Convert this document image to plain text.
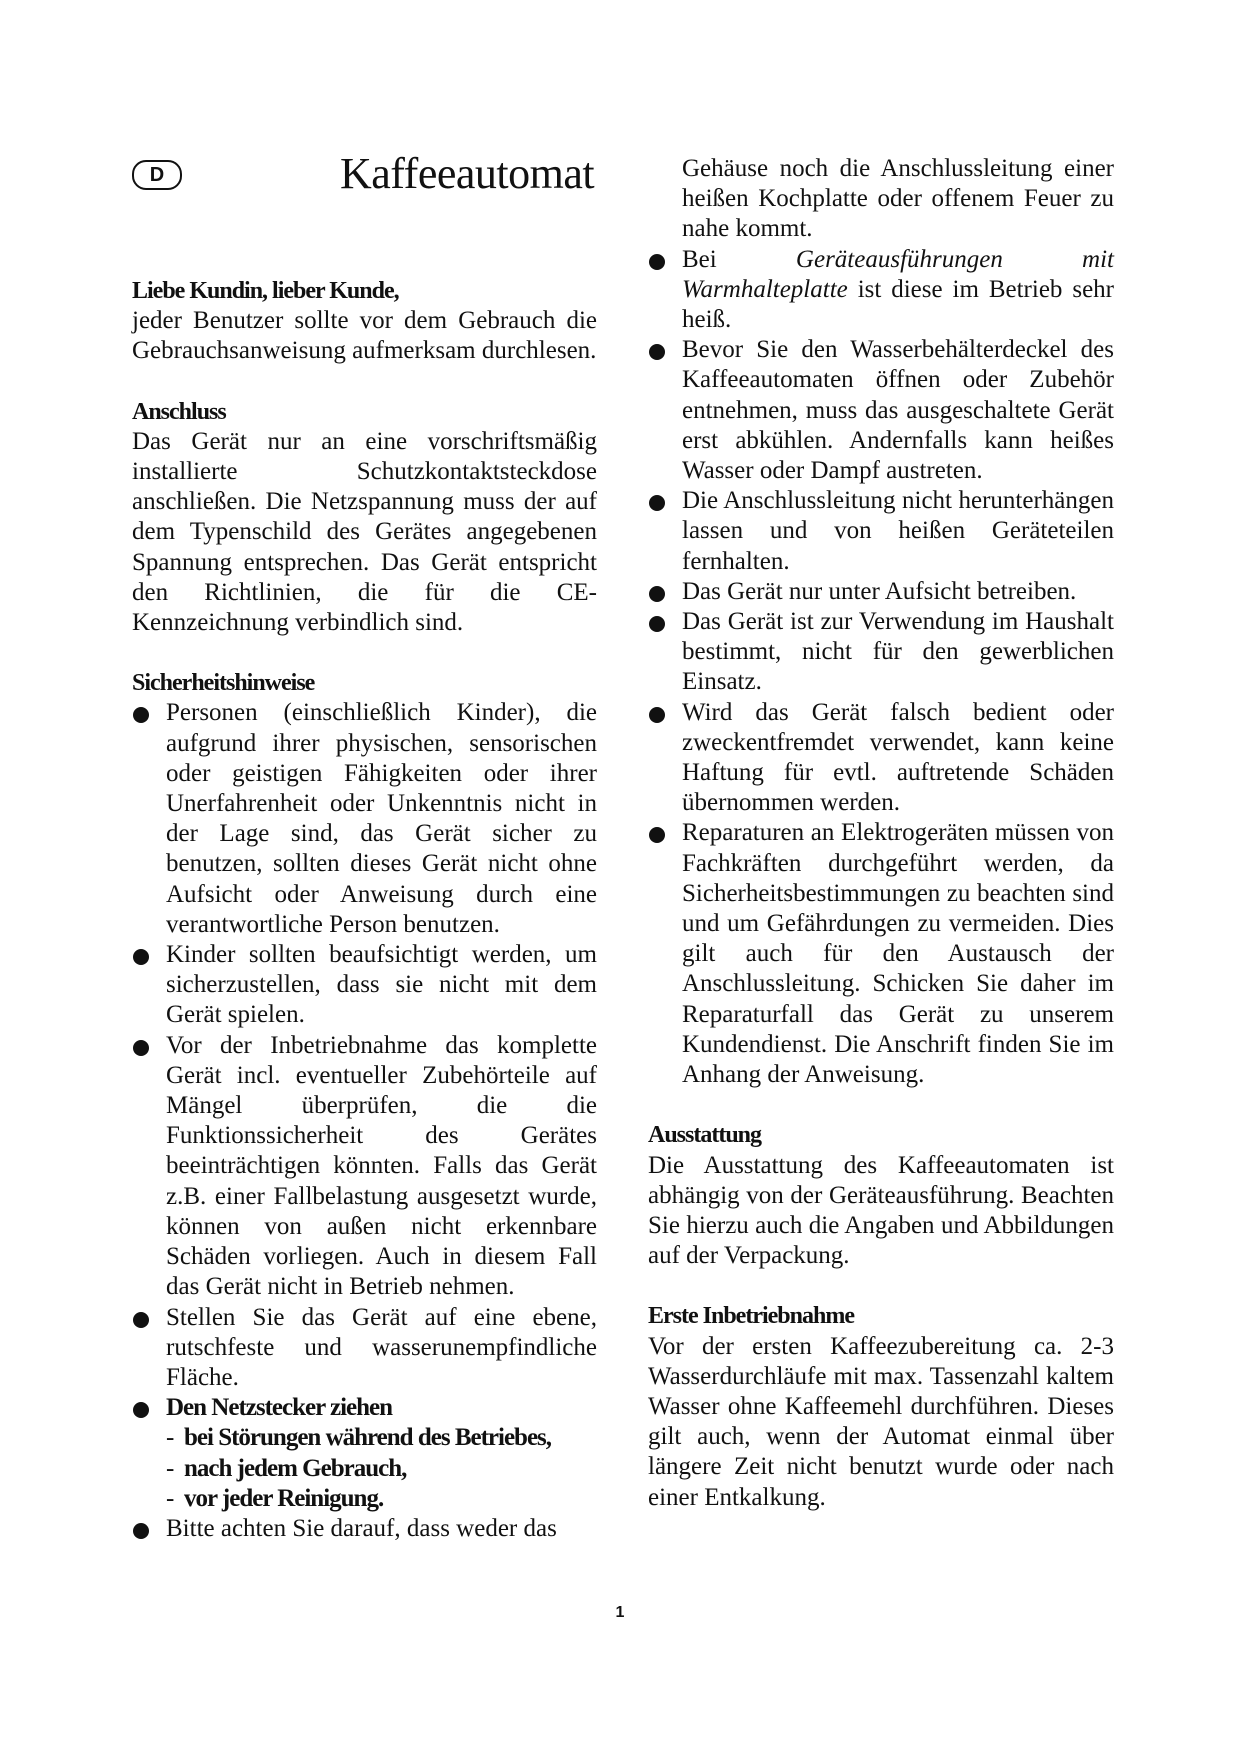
D	Kaffeeautomat
Liebe Kundin, lieber Kunde,

jeder Benutzer sollte vor dem Gebrauch die Gebrauchsanweisung aufmerksam durchlesen.

Anschluss

Das Gerät nur an eine vorschriftsmäßig installierte Schutzkontaktsteckdose anschließen. Die Netzspannung muss der auf dem Typenschild des Gerätes angegebenen Spannung entsprechen. Das Gerät entspricht den Richtlinien, die für die CE-Kennzeichnung verbindlich sind.

Sicherheitshinweise
Personen (einschließlich Kinder), die aufgrund ihrer physischen, sensorischen oder geistigen Fähigkeiten oder ihrer Unerfahrenheit oder Unkenntnis nicht in der Lage sind, das Gerät sicher zu benutzen, sollten dieses Gerät nicht ohne Aufsicht oder Anweisung durch eine verantwortliche Person benutzen.
Kinder sollten beaufsichtigt werden, um sicherzustellen, dass sie nicht mit dem Gerät spielen.
Vor der Inbetriebnahme das komplette Gerät incl. eventueller Zubehörteile auf Mängel überprüfen, die die Funktionssicherheit des Gerätes beeinträchtigen könnten. Falls das Gerät z.B. einer Fallbelastung ausgesetzt wurde, können von außen nicht erkennbare Schäden vorliegen. Auch in diesem Fall das Gerät nicht in Betrieb nehmen.
Stellen Sie das Gerät auf eine ebene, rutschfeste und wasserunempfindliche Fläche.
Den Netzstecker ziehen
- bei Störungen während des Betriebes,
- nach jedem Gebrauch,
- vor jeder Reinigung.
Bitte achten Sie darauf, dass weder das

Gehäuse noch die Anschlussleitung einer heißen Kochplatte oder offenem Feuer zu nahe kommt.

Bei	Geräteausführungen mit Warmhalteplatte ist diese im Betrieb sehr heiß.
Bevor Sie den Wasserbehälterdeckel des Kaffeeautomaten öffnen oder Zubehör entnehmen, muss das ausgeschaltete Gerät erst abkühlen. Andernfalls kann heißes Wasser oder Dampf austreten.
Die Anschlussleitung nicht herunterhängen lassen und von heißen Geräteteilen fernhalten.
Das Gerät nur unter Aufsicht betreiben.
Das Gerät ist zur Verwendung im Haushalt bestimmt, nicht für den gewerblichen Einsatz.
Wird das Gerät falsch bedient oder zweckentfremdet verwendet, kann keine Haftung für evtl. auftretende Schäden übernommen werden.
Reparaturen an Elektrogeräten müssen von Fachkräften durchgeführt werden, da Sicherheitsbestimmungen zu beachten sind und um Gefährdungen zu vermeiden. Dies gilt auch für den Austausch der Anschlussleitung. Schicken Sie daher im Reparaturfall das Gerät zu unserem Kundendienst. Die Anschrift finden Sie im Anhang der Anweisung.
Ausstattung

Die Ausstattung des Kaffeeautomaten ist abhängig von der Geräteausführung. Beachten Sie hierzu auch die Angaben und Abbildungen auf der Verpackung.

Erste Inbetriebnahme

Vor der ersten Kaffeezubereitung ca. 2-3 Wasserdurchläufe mit max. Tassenzahl kaltem Wasser ohne Kaffeemehl durchführen. Dieses gilt auch, wenn der Automat einmal über längere Zeit nicht benutzt wurde oder nach einer Entkalkung.

1
